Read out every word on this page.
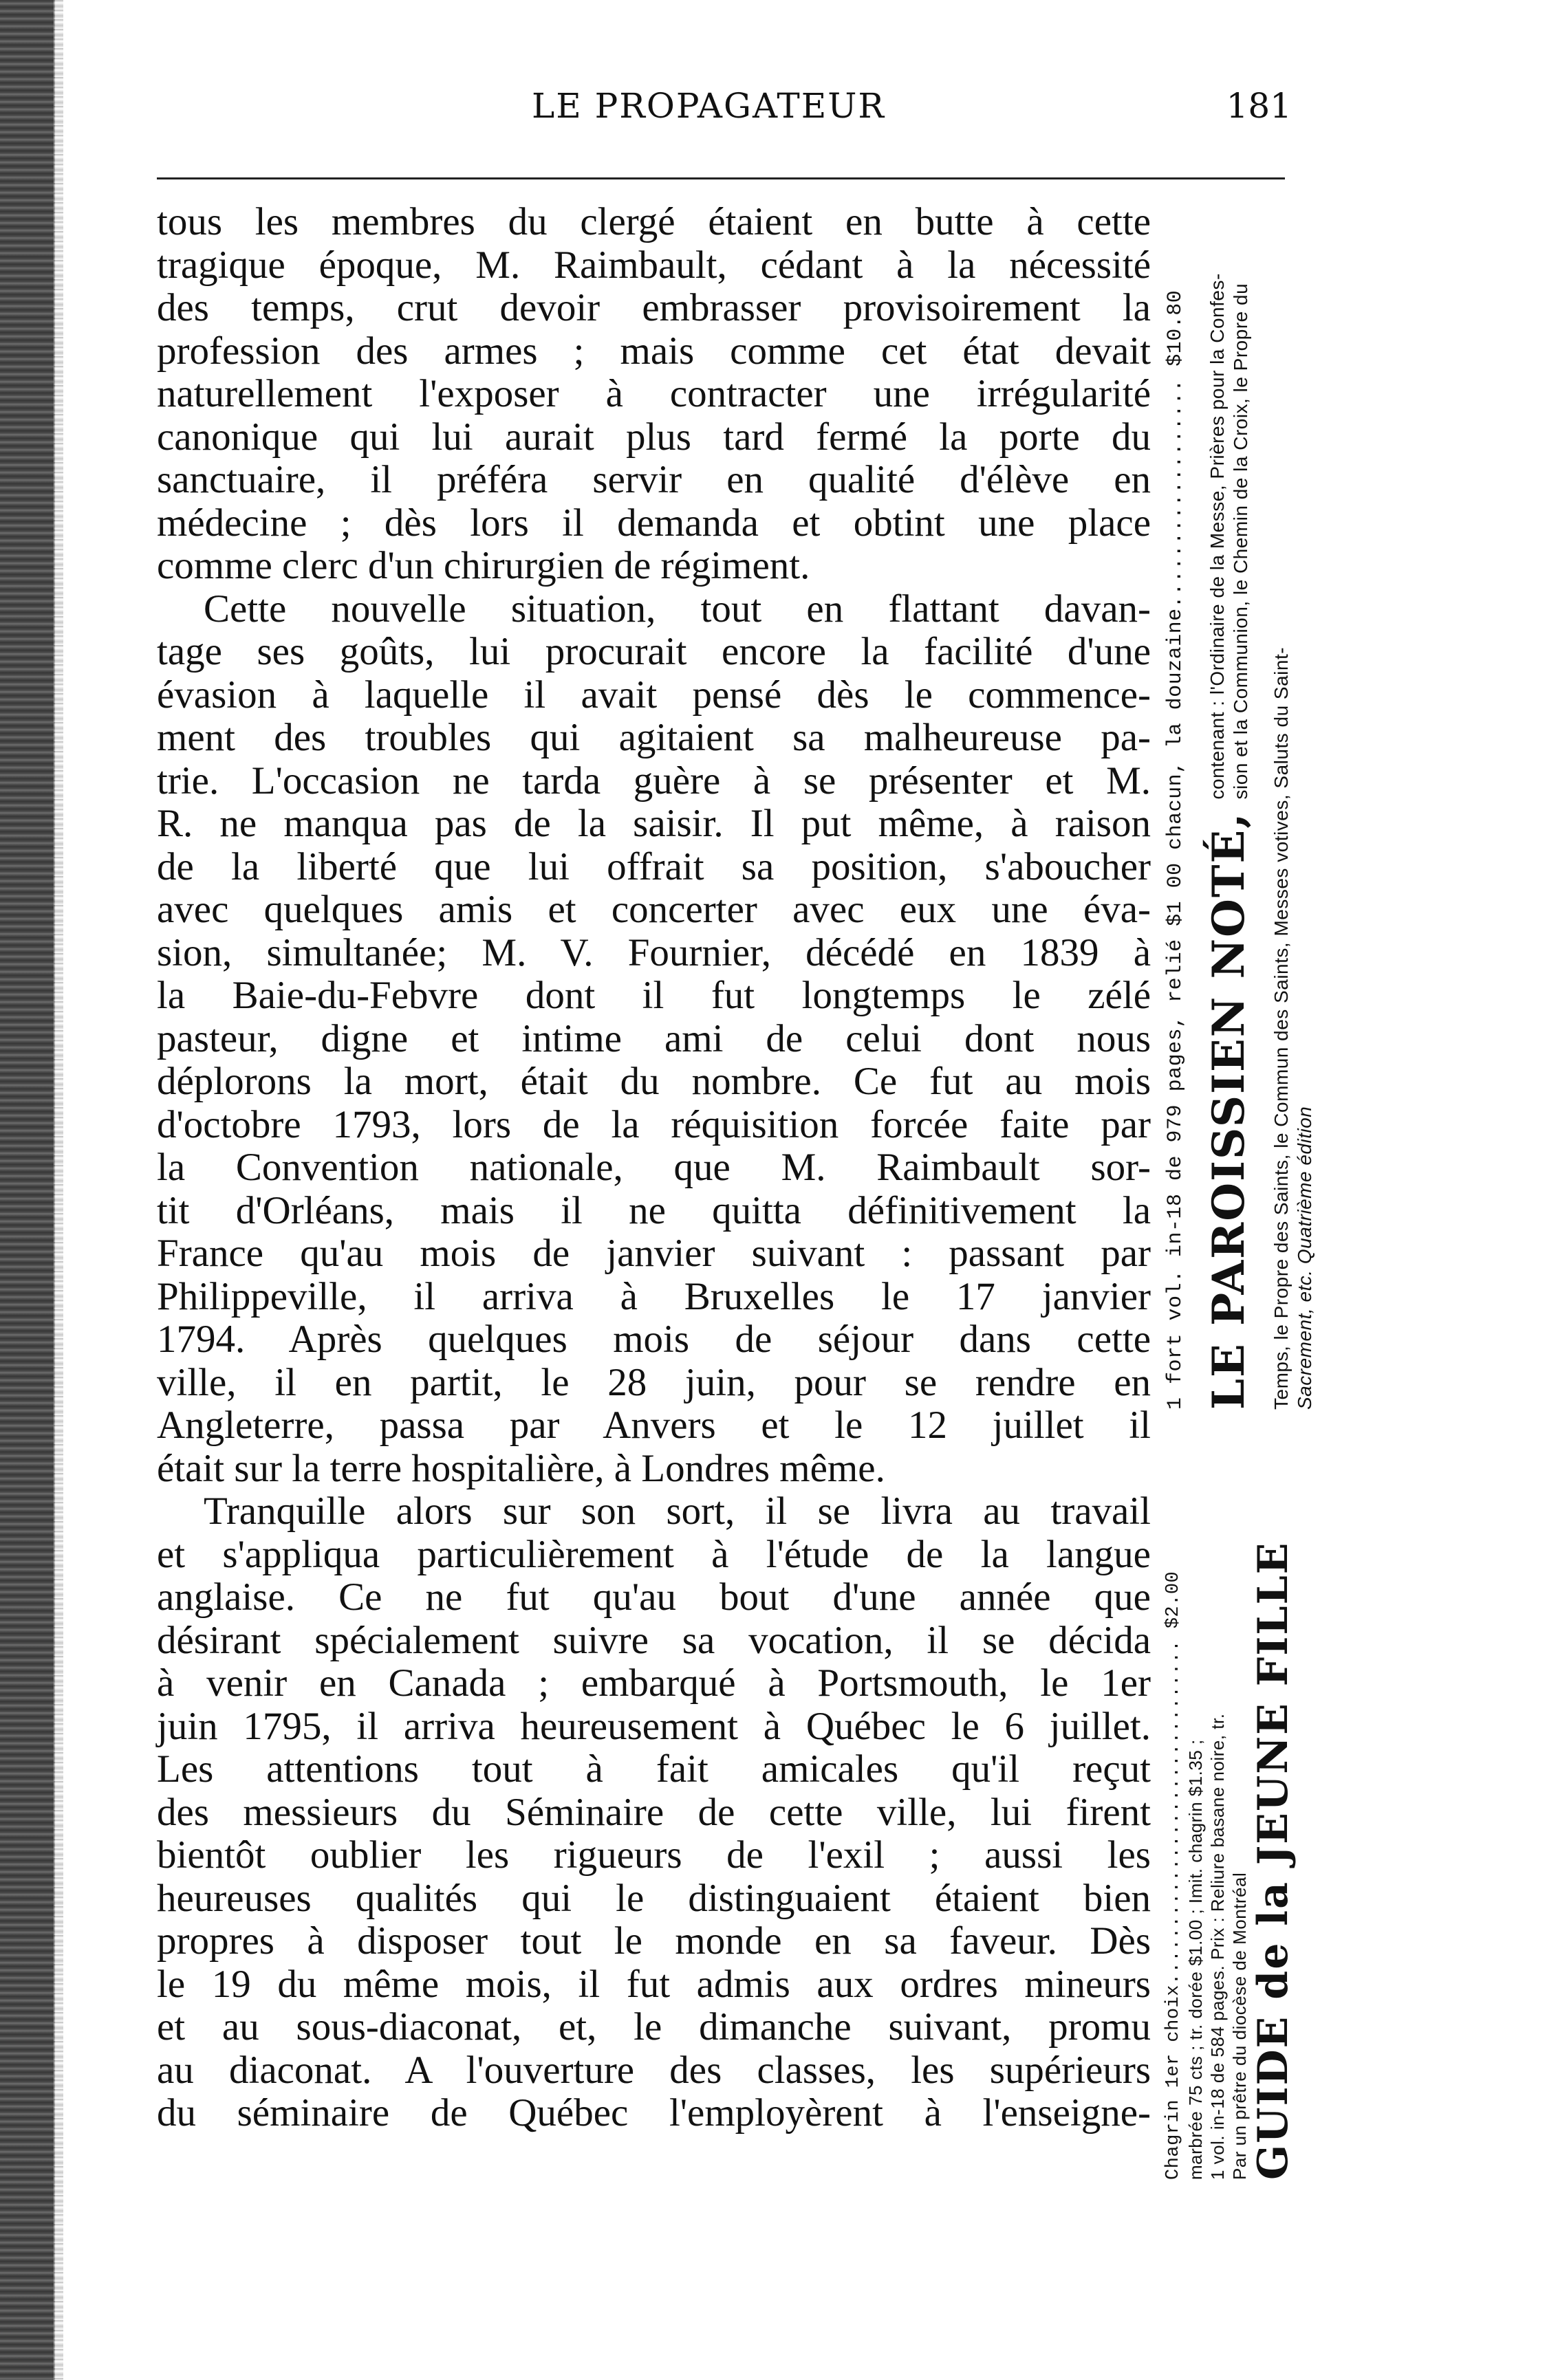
LE PROPAGATEUR	181
tous les membres du clergé étaient en butte à cette
tragique époque, M. Raimbault, cédant à la nécessité
des temps, crut devoir embrasser provisoirement la
profession des armes ; mais comme cet état devait
naturellement l'exposer à contracter une irrégularité
canonique qui lui aurait plus tard fermé la porte du
sanctuaire, il préféra servir en qualité d'élève en
médecine ; dès lors il demanda et obtint une place
comme clerc d'un chirurgien de régiment.
Cette nouvelle situation, tout en flattant davan-
tage ses goûts, lui procurait encore la facilité d'une
évasion à laquelle il avait pensé dès le commence-
ment des troubles qui agitaient sa malheureuse pa-
trie. L'occasion ne tarda guère à se présenter et M.
R. ne manqua pas de la saisir. Il put même, à raison
de la liberté que lui offrait sa position, s'aboucher
avec quelques amis et concerter avec eux une éva-
sion, simultanée; M. V. Fournier, décédé en 1839 à
la Baie-du-Febvre dont il fut longtemps le zélé
pasteur, digne et intime ami de celui dont nous
déplorons la mort, était du nombre. Ce fut au mois
d'octobre 1793, lors de la réquisition forcée faite par
la Convention nationale, que M. Raimbault sor-
tit d'Orléans, mais il ne quitta définitivement la
France qu'au mois de janvier suivant : passant par
Philippeville, il arriva à Bruxelles le 17 janvier
1794. Après quelques mois de séjour dans cette
ville, il en partit, le 28 juin, pour se rendre en
Angleterre, passa par Anvers et le 12 juillet il
était sur la terre hospitalière, à Londres même.
Tranquille alors sur son sort, il se livra au travail
et s'appliqua particulièrement à l'étude de la langue
anglaise. Ce ne fut qu'au bout d'une année que
désirant spécialement suivre sa vocation, il se décida
à venir en Canada ; embarqué à Portsmouth, le 1er
juin 1795, il arriva heureusement à Québec le 6 juillet.
Les attentions tout à fait amicales qu'il reçut
des messieurs du Séminaire de cette ville, lui firent
bientôt oublier les rigueurs de l'exil ; aussi les
heureuses qualités qui le distinguaient étaient bien
propres à disposer tout le monde en sa faveur. Dès
le 19 du même mois, il fut admis aux ordres mineurs
et au sous-diaconat, et, le dimanche suivant, promu
au diaconat. A l'ouverture des classes, les supérieurs
du séminaire de Québec l'employèrent à l'enseigne-
1 fort vol. in-18 de 979 pages, relié $1 00 chacun, la douzaine.................. $10.80 LE PAROISSIEN NOTÉ,
contenant : l'Ordinaire de la Messe, Prières pour la Confes- sion et la Communion, le Chemin de la Croix, le Propre du
Temps, le Propre des Saints, le Commun des Saints, Messes votives, Saluts du Saint- Sacrement, etc. Quatrième édition
Chagrin 1er choix.............................. $2.00 marbrée 75 cts ; tr. dorée $1.00 ; Imit. chagrin $1.35 ; 1 vol. in-18 de 584 pages. Prix : Reliure basane noire, tr. Par un prêtre du diocèse de Montréal GUIDE de la JEUNE FILLE
